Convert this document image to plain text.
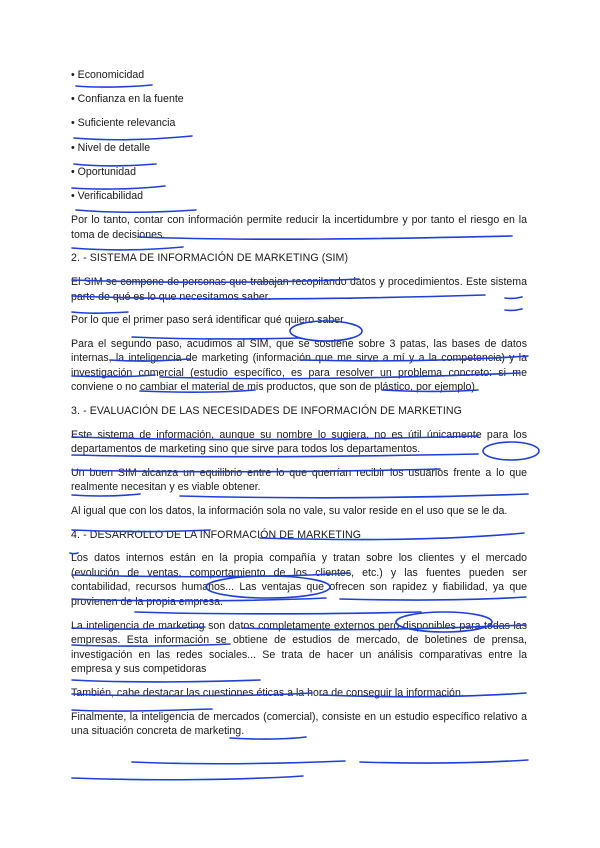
• Economicidad
• Confianza en la fuente
• Suficiente relevancia
• Nivel de detalle
• Oportunidad
• Verificabilidad

Por lo tanto, contar con información permite reducir la incertidumbre y por tanto el riesgo en la toma de decisiones.

2. - SISTEMA DE INFORMACIÓN DE MARKETING (SIM)

El SIM se compone de personas que trabajan recopilando datos y procedimientos. Este sistema parte de qué es lo que necesitamos saber.

Por lo que el primer paso será identificar qué quiero saber.

Para el segundo paso, acudimos al SIM, que se sostiene sobre 3 patas, las bases de datos internas, la inteligencia de marketing (información que me sirve a mí y a la competencia) y la investigación comercial (estudio específico, es para resolver un problema concreto: si me conviene o no cambiar el material de mis productos, que son de plástico, por ejemplo)

3. - EVALUACIÓN DE LAS NECESIDADES DE INFORMACIÓN DE MARKETING

Este sistema de información, aunque su nombre lo sugiera, no es útil únicamente para los departamentos de marketing sino que sirve para todos los departamentos.

Un buen SIM alcanza un equilibrio entre lo que querrían recibir los usuarios frente a lo que realmente necesitan y es viable obtener.

Al igual que con los datos, la información sola no vale, su valor reside en el uso que se le da.

4. - DESARROLLO DE LA INFORMACIÓN DE MARKETING

Los datos internos están en la propia compañía y tratan sobre los clientes y el mercado (evolución de ventas, comportamiento de los clientes, etc.) y las fuentes pueden ser contabilidad, recursos humanos... Las ventajas que ofrecen son rapidez y fiabilidad, ya que provienen de la propia empresa.

La inteligencia de marketing son datos completamente externos pero disponibles para todas las empresas. Esta información se obtiene de estudios de mercado, de boletines de prensa, investigación en las redes sociales... Se trata de hacer un análisis comparativas entre la empresa y sus competidoras

También, cabe destacar las cuestiones éticas a la hora de conseguir la información.

Finalmente, la inteligencia de mercados (comercial), consiste en un estudio específico relativo a una situación concreta de marketing.
